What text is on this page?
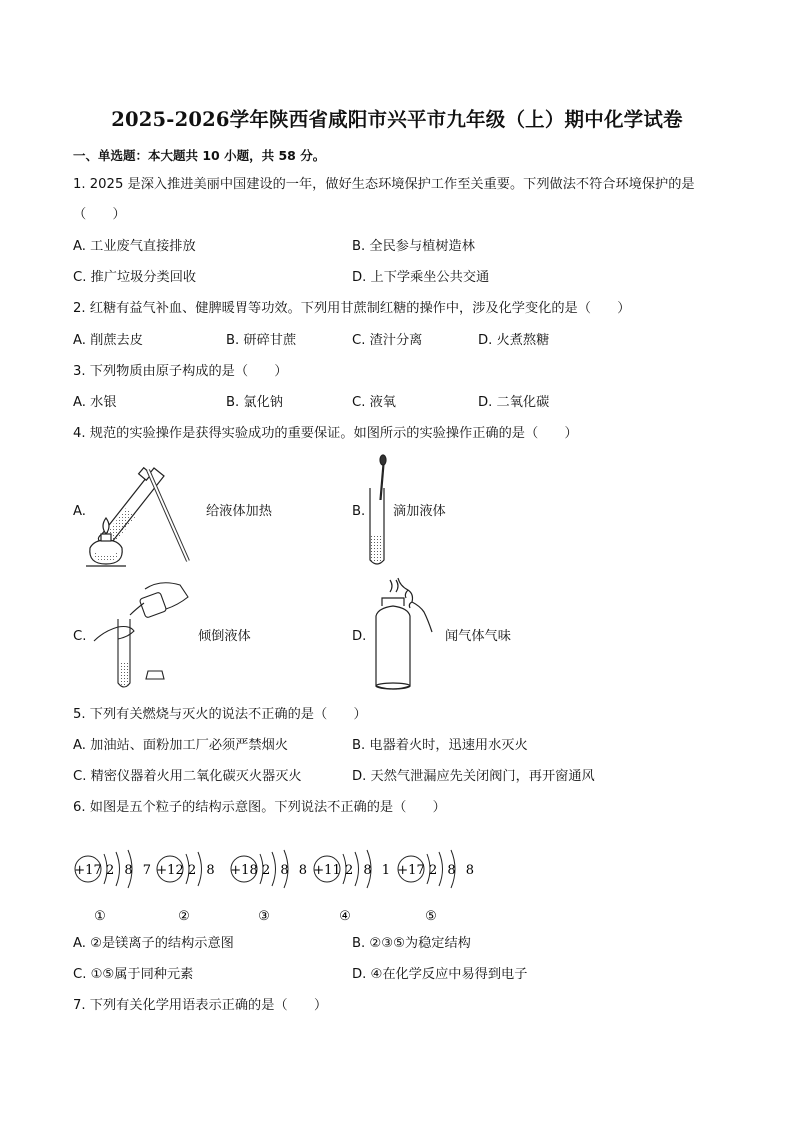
2025-2026学年陕西省咸阳市兴平市九年级（上）期中化学试卷
一、单选题：本大题共 10 小题，共 58 分。
1. 2025 是深入推进美丽中国建设的一年，做好生态环境保护工作至关重要。下列做法不符合环境保护的是
（　　）
A. 工业废气直接排放	B. 全民参与植树造林
C. 推广垃圾分类回收	D. 上下学乘坐公共交通
2. 红糖有益气补血、健脾暖胃等功效。下列用甘蔗制红糖的操作中，涉及化学变化的是（　　）
A. 削蔗去皮	B. 研碎甘蔗	C. 渣汁分离	D. 火煮熬糖
3. 下列物质由原子构成的是（　　）
A. 水银	B. 氯化钠	C. 液氧	D. 二氧化碳
4. 规范的实验操作是获得实验成功的重要保证。如图所示的实验操作正确的是（　　）
A.	给液体加热	B. 滴加液体
C.	倾倒液体	D.	闻气体气味
5. 下列有关燃烧与灭火的说法不正确的是（　　）
A. 加油站、面粉加工厂必须严禁烟火	B. 电器着火时，迅速用水灭火
C. 精密仪器着火用二氧化碳灭火器灭火	D. 天然气泄漏应先关闭阀门，再开窗通风
6. 如图是五个粒子的结构示意图。下列说法不正确的是（　　）
+17 2 8 7
①
+12 2 8
②
+18 2 8 8
③
+11 2 8 1
④
+17 2 8 8
⑤
A. ②是镁离子的结构示意图	B. ②③⑤为稳定结构
C. ①⑤属于同种元素	D. ④在化学反应中易得到电子
7. 下列有关化学用语表示正确的是（　　）
